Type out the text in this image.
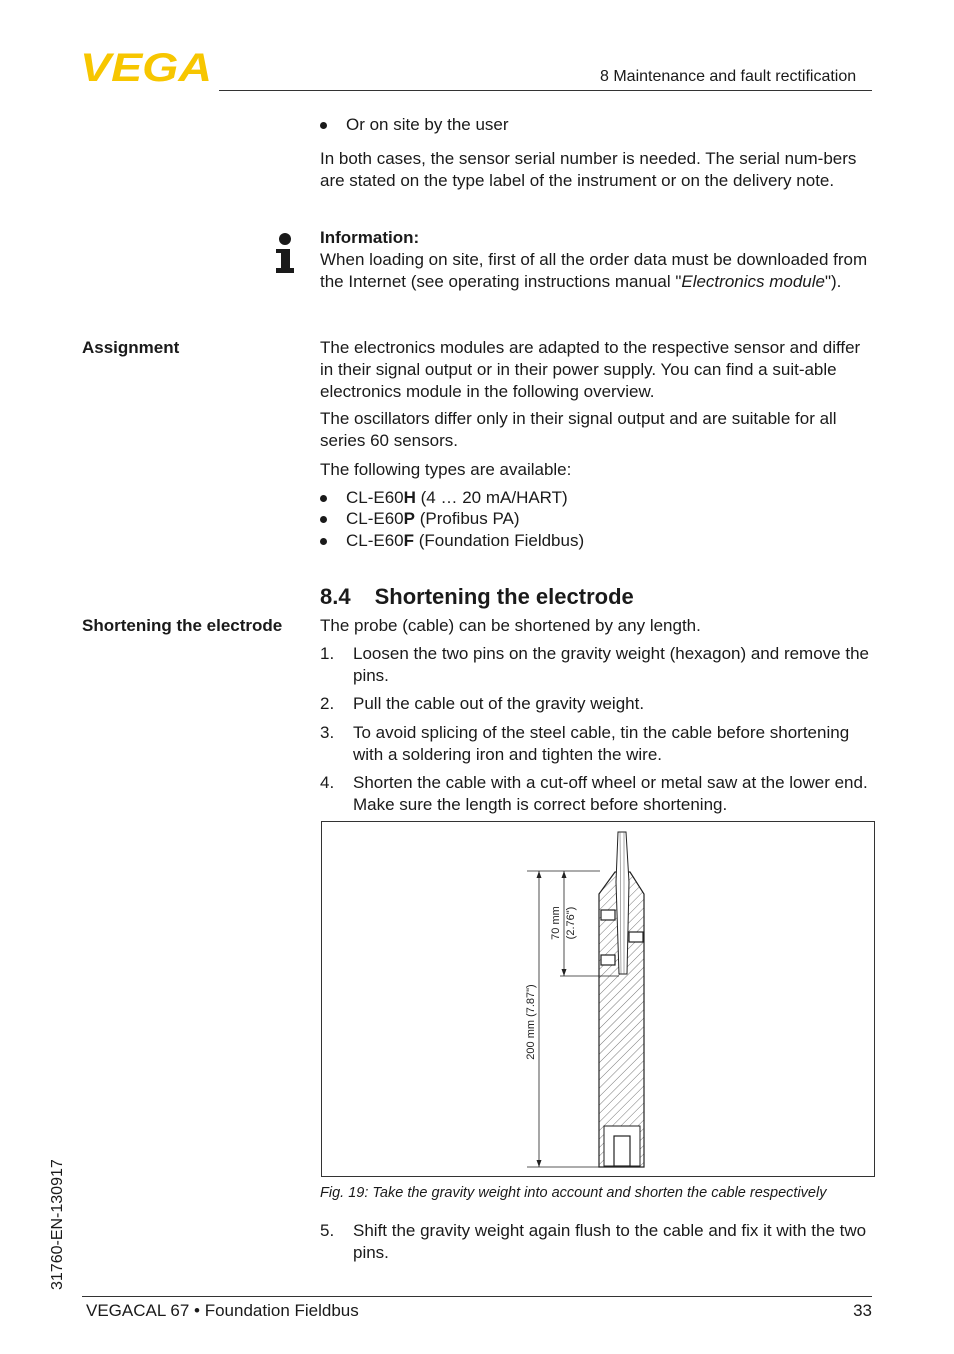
VEGA	8 Maintenance and fault rectification
Or on site by the user

In both cases, the sensor serial number is needed. The serial num-bers are stated on the type label of the instrument or on the delivery note.

Information:
When loading on site, first of all the order data must be downloaded from the Internet (see operating instructions manual "Electronics module").
Assignment	The electronics modules are adapted to the respective sensor and differ in their signal output or in their power supply. You can find a suit-able electronics module in the following overview.

The oscillators differ only in their signal output and are suitable for all series 60 sensors.

The following types are available:

CL-E60H (4 … 20 mA/HART)
CL-E60P (Profibus PA)
CL-E60F (Foundation Fieldbus)
8.4 Shortening the electrode
Shortening the electrode The probe (cable) can be shortened by any length.

1. Loosen the two pins on the gravity weight (hexagon) and remove the pins.
2. Pull the cable out of the gravity weight.
3. To avoid splicing of the steel cable, tin the cable before shortening with a soldering iron and tighten the wire.
4. Shorten the cable with a cut-off wheel or metal saw at the lower end. Make sure the length is correct before shortening.
70 mm (2.76")
200 mm (7.87")
Fig. 19: Take the gravity weight into account and shorten the cable respectively
5. Shift the gravity weight again flush to the cable and fix it with the two pins.
31760-EN-130917
VEGACAL 67 • Foundation Fieldbus	33
